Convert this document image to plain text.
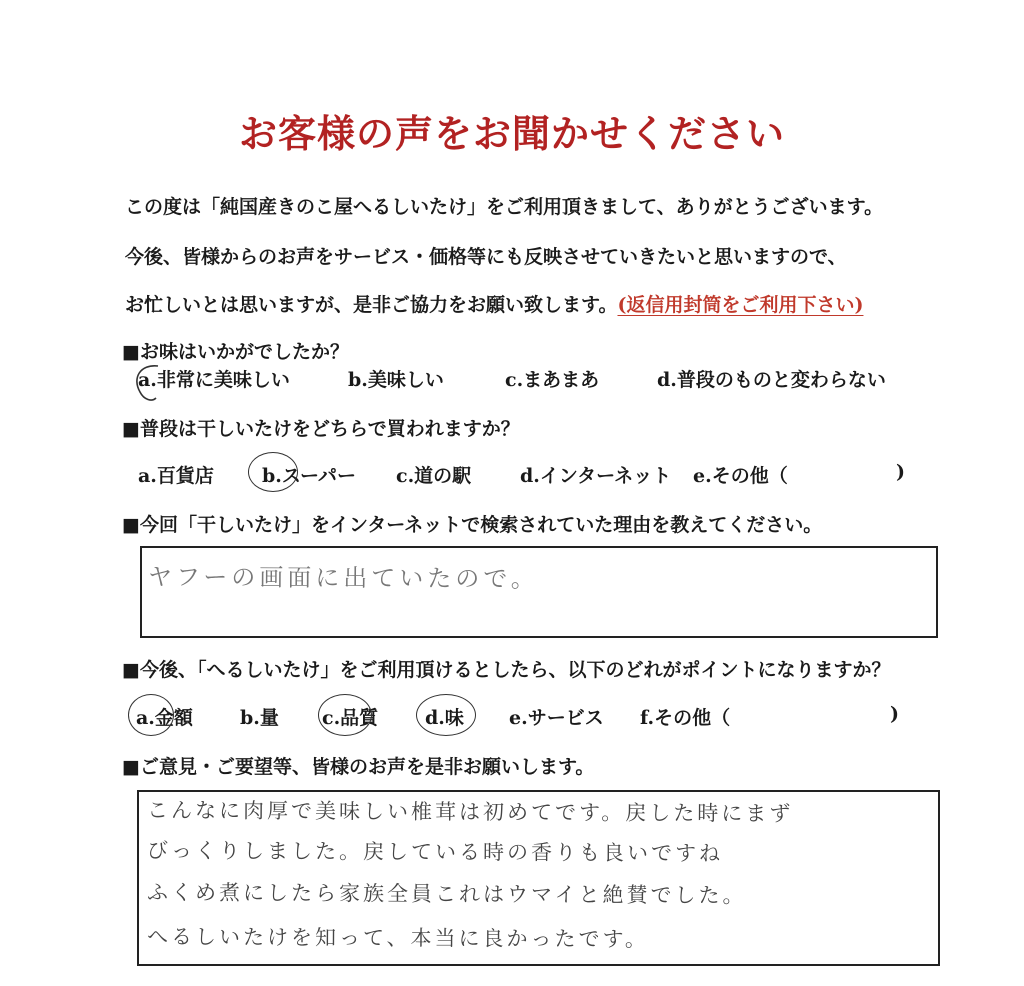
お客様の声をお聞かせください
この度は「純国産きのこ屋へるしいたけ」をご利用頂きまして、ありがとうございます。
今後、皆様からのお声をサービス・価格等にも反映させていきたいと思いますので、
お忙しいとは思いますが、是非ご協力をお願い致します。(返信用封筒をご利用下さい)
■お味はいかがでしたか？
a.非常に美味しい	b.美味しい	c.まあまあ	d.普段のものと変わらない
■普段は干しいたけをどちらで買われますか？
a.百貨店	b.スーパー c.道の駅	d.インターネット e.その他（	)
■今回「干しいたけ」をインターネットで検索されていた理由を教えてください。
ヤフーの画面に出ていたので。
■今後、「へるしいたけ」をご利用頂けるとしたら、以下のどれがポイントになりますか？
a.金額 b.量 c.品質 d.味 e.サービス f.その他（	)
■ご意見・ご要望等、皆様のお声を是非お願いします。
こんなに肉厚で美味しい椎茸は初めてです。戻した時にまず
びっくりしました。戻している時の香りも良いですね
ふくめ煮にしたら家族全員これはウマイと絶賛でした。
へるしいたけを知って、本当に良かったです。
